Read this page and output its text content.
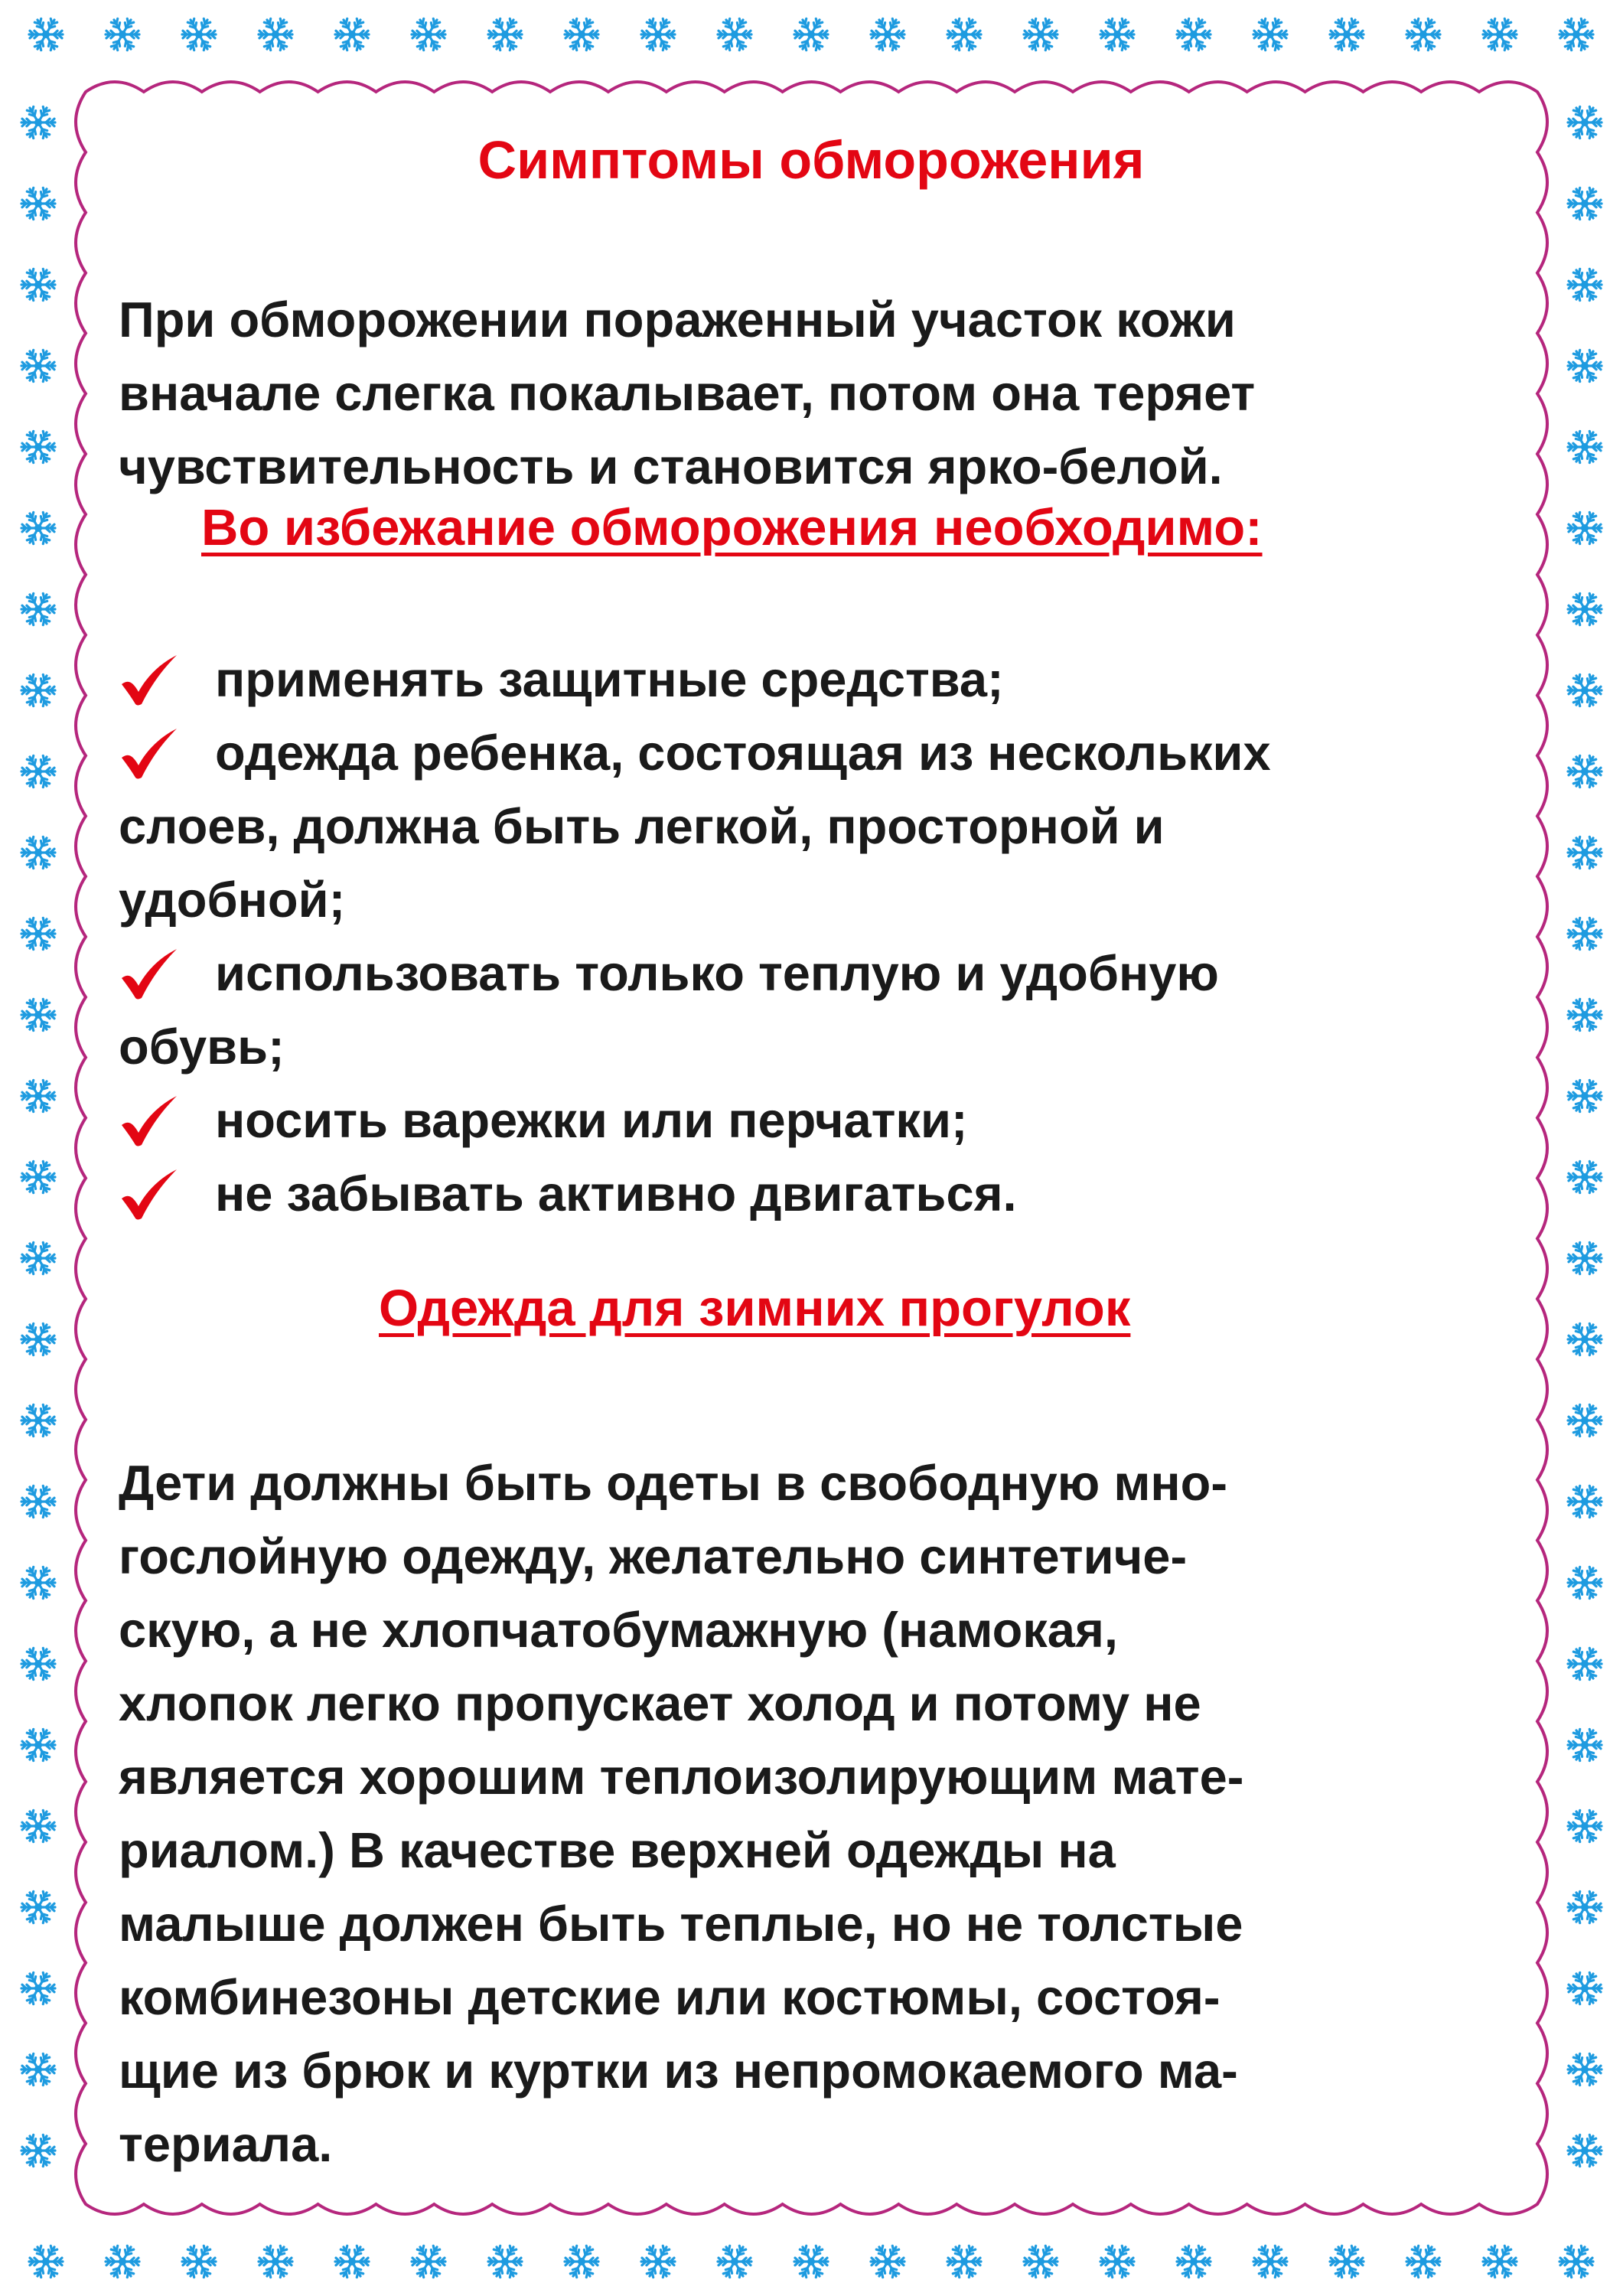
Симптомы обморожения
При обморожении пораженный участок кожи
вначале слегка покалывает, потом она теряет
чувствительность и становится ярко-белой.
Во избежание обморожения необходимо:
применять защитные средства;
одежда ребенка, состоящая из нескольких
слоев, должна быть легкой, просторной и
удобной;
использовать только теплую и удобную
обувь;
носить варежки или перчатки;
не забывать активно двигаться.
Одежда для зимних прогулок
Дети должны быть одеты в свободную мно-
гослойную одежду, желательно синтетиче-
скую, а не хлопчатобумажную (намокая,
хлопок легко пропускает холод и потому не
является хорошим теплоизолирующим мате-
риалом.) В качестве верхней одежды на
малыше должен быть теплые, но не толстые
комбинезоны детские или костюмы, состоя-
щие из брюк и куртки из непромокаемого ма-
териала.
